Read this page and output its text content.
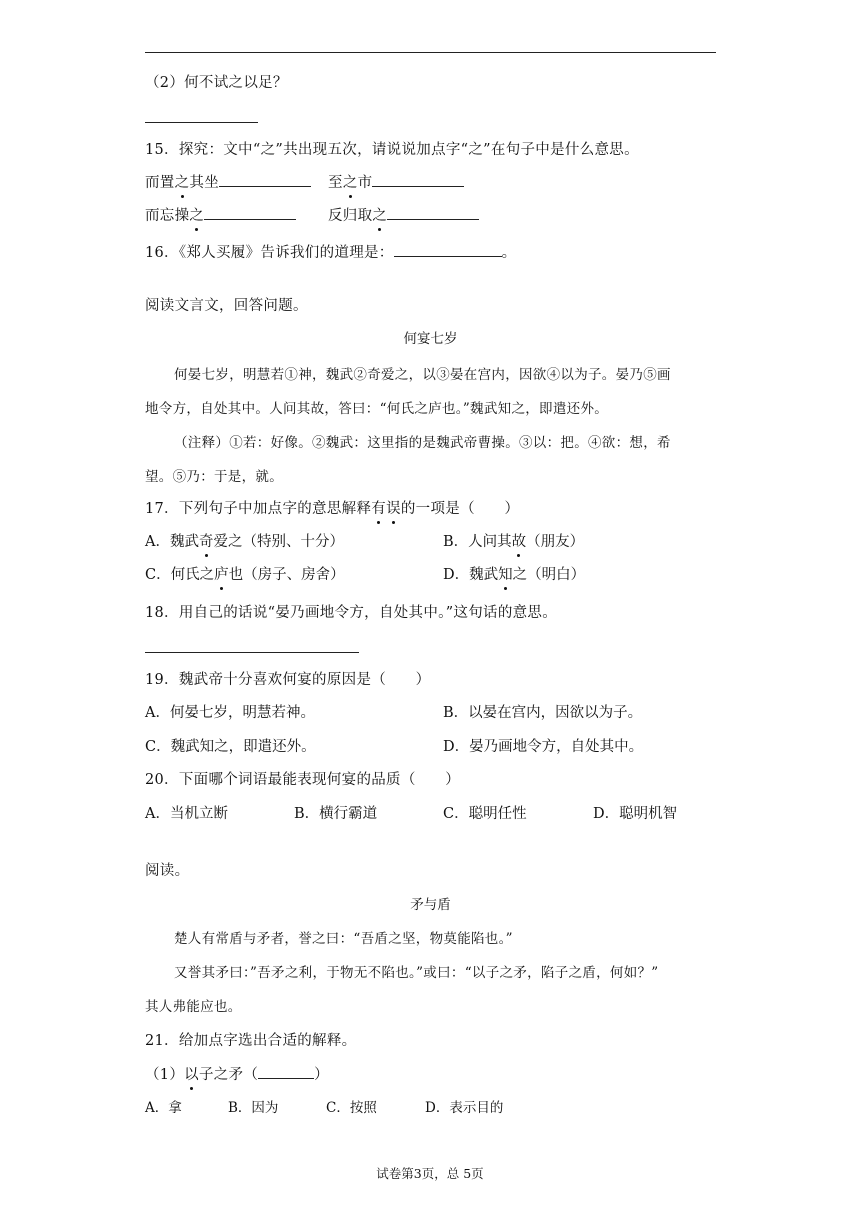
（2）何不试之以足？
15．探究：文中“之”共出现五次，请说说加点字“之”在句子中是什么意思。
而置之其坐	至之市
而忘操之	反归取之
16．《郑人买履》告诉我们的道理是：	。
阅读文言文，回答问题。
何宴七岁
何晏七岁，明慧若①神，魏武②奇爱之，以③晏在宫内，因欲④以为子。晏乃⑤画
地令方，自处其中。人问其故，答曰：“何氏之庐也。”魏武知之，即遣还外。
（注释）①若：好像。②魏武：这里指的是魏武帝曹操。③以：把。④欲：想，希
望。⑤乃：于是，就。
17．下列句子中加点字的意思解释有误的一项是（　　）
A．魏武奇爱之（特别、十分）	B．人问其故（朋友）
C．何氏之庐也（房子、房舍）	D．魏武知之（明白）
18．用自己的话说“晏乃画地令方，自处其中。”这句话的意思。
19．魏武帝十分喜欢何宴的原因是（　　）
A．何晏七岁，明慧若神。	B．以晏在宫内，因欲以为子。
C．魏武知之，即遣还外。	D．晏乃画地令方，自处其中。
20．下面哪个词语最能表现何宴的品质（　　）
A．当机立断	B．横行霸道	C．聪明任性	D．聪明机智
阅读。
矛与盾
楚人有常盾与矛者，誉之曰：“吾盾之坚，物莫能陷也。”
又誉其矛曰：”吾矛之利，于物无不陷也。”或曰：“以子之矛，陷子之盾，何如？”
其人弗能应也。
21．给加点字选出合适的解释。
（1）以子之矛（	）
A．拿	B．因为	C．按照	D．表示目的
试卷第3页，总 5页
